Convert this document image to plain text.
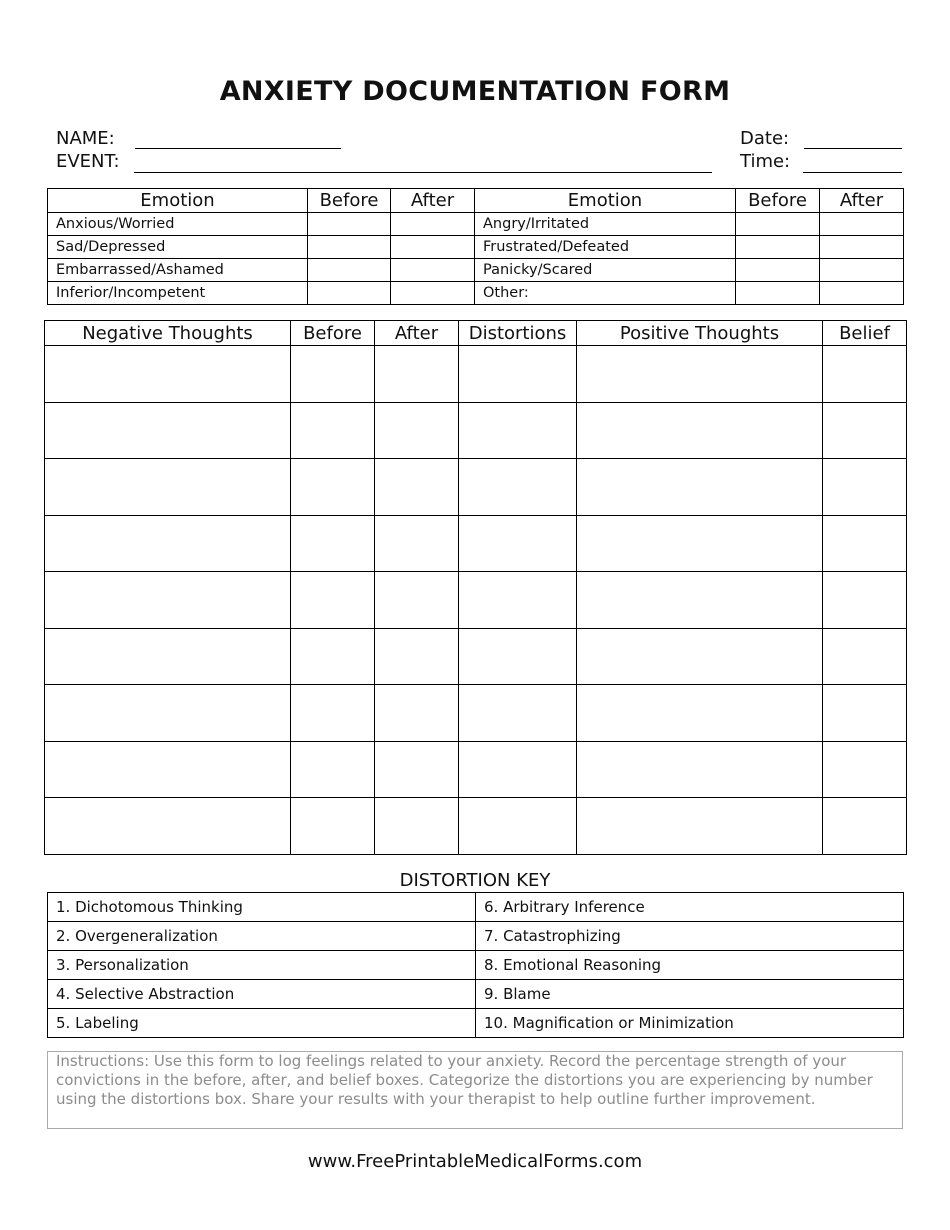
ANXIETY DOCUMENTATION FORM
NAME:
EVENT:
Date:
Time:
Emotion	Before	After	Emotion	Before	After
Anxious/Worried			Angry/Irritated		
Sad/Depressed			Frustrated/Defeated		
Embarrassed/Ashamed			Panicky/Scared		
Inferior/Incompetent			Other:		
Negative Thoughts	Before	After	Distortions	Positive Thoughts	Belief

DISTORTION KEY
1. Dichotomous Thinking	6. Arbitrary Inference
2. Overgeneralization	7. Catastrophizing
3. Personalization	8. Emotional Reasoning
4. Selective Abstraction	9. Blame
5. Labeling	10. Magnification or Minimization
Instructions: Use this form to log feelings related to your anxiety. Record the percentage strength of your convictions in the before, after, and belief boxes. Categorize the distortions you are experiencing by number using the distortions box. Share your results with your therapist to help outline further improvement.
www.FreePrintableMedicalForms.com
